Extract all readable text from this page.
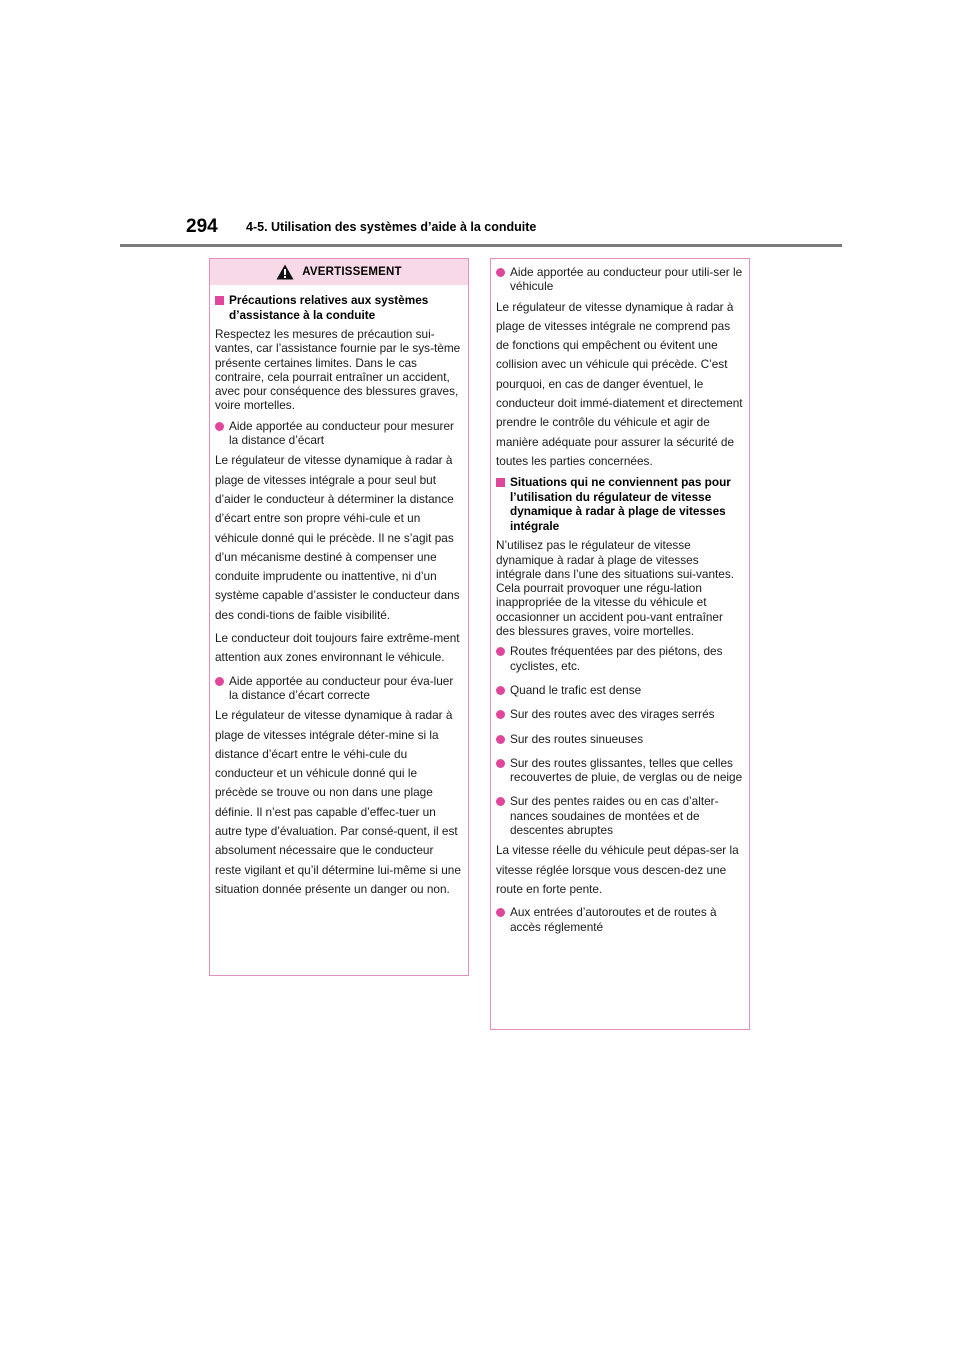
294 4-5. Utilisation des systèmes d’aide à la conduite
AVERTISSEMENT
Précautions relatives aux systèmes d’assistance à la conduite

Respectez les mesures de précaution sui-vantes, car l’assistance fournie par le sys-tème présente certaines limites. Dans le cas contraire, cela pourrait entraîner un accident, avec pour conséquence des blessures graves, voire mortelles.

Aide apportée au conducteur pour mesurer la distance d’écart

Le régulateur de vitesse dynamique à radar à plage de vitesses intégrale a pour seul but d’aider le conducteur à déterminer la distance d’écart entre son propre véhi-cule et un véhicule donné qui le précède. Il ne s’agit pas d’un mécanisme destiné à compenser une conduite imprudente ou inattentive, ni d’un système capable d’assister le conducteur dans des condi-tions de faible visibilité.

Le conducteur doit toujours faire extrême-ment attention aux zones environnant le véhicule.

Aide apportée au conducteur pour éva-luer la distance d’écart correcte

Le régulateur de vitesse dynamique à radar à plage de vitesses intégrale déter-mine si la distance d’écart entre le véhi-cule du conducteur et un véhicule donné qui le précède se trouve ou non dans une plage définie. Il n’est pas capable d’effec-tuer un autre type d’évaluation. Par consé-quent, il est absolument nécessaire que le conducteur reste vigilant et qu’il détermine lui-même si une situation donnée présente un danger ou non.

Aide apportée au conducteur pour utili-ser le véhicule

Le régulateur de vitesse dynamique à radar à plage de vitesses intégrale ne comprend pas de fonctions qui empêchent ou évitent une collision avec un véhicule qui précède. C’est pourquoi, en cas de danger éventuel, le conducteur doit immé-diatement et directement prendre le contrôle du véhicule et agir de manière adéquate pour assurer la sécurité de toutes les parties concernées.

Situations qui ne conviennent pas pour l’utilisation du régulateur de vitesse dynamique à radar à plage de vitesses intégrale

N’utilisez pas le régulateur de vitesse dynamique à radar à plage de vitesses intégrale dans l’une des situations sui-vantes. Cela pourrait provoquer une régu-lation inappropriée de la vitesse du véhicule et occasionner un accident pou-vant entraîner des blessures graves, voire mortelles.

Routes fréquentées par des piétons, des cyclistes, etc.
Quand le trafic est dense
Sur des routes avec des virages serrés
Sur des routes sinueuses
Sur des routes glissantes, telles que celles recouvertes de pluie, de verglas ou de neige
Sur des pentes raides ou en cas d’alter-nances soudaines de montées et de descentes abruptes

La vitesse réelle du véhicule peut dépas-ser la vitesse réglée lorsque vous descen-dez une route en forte pente.

Aux entrées d’autoroutes et de routes à accès réglementé
